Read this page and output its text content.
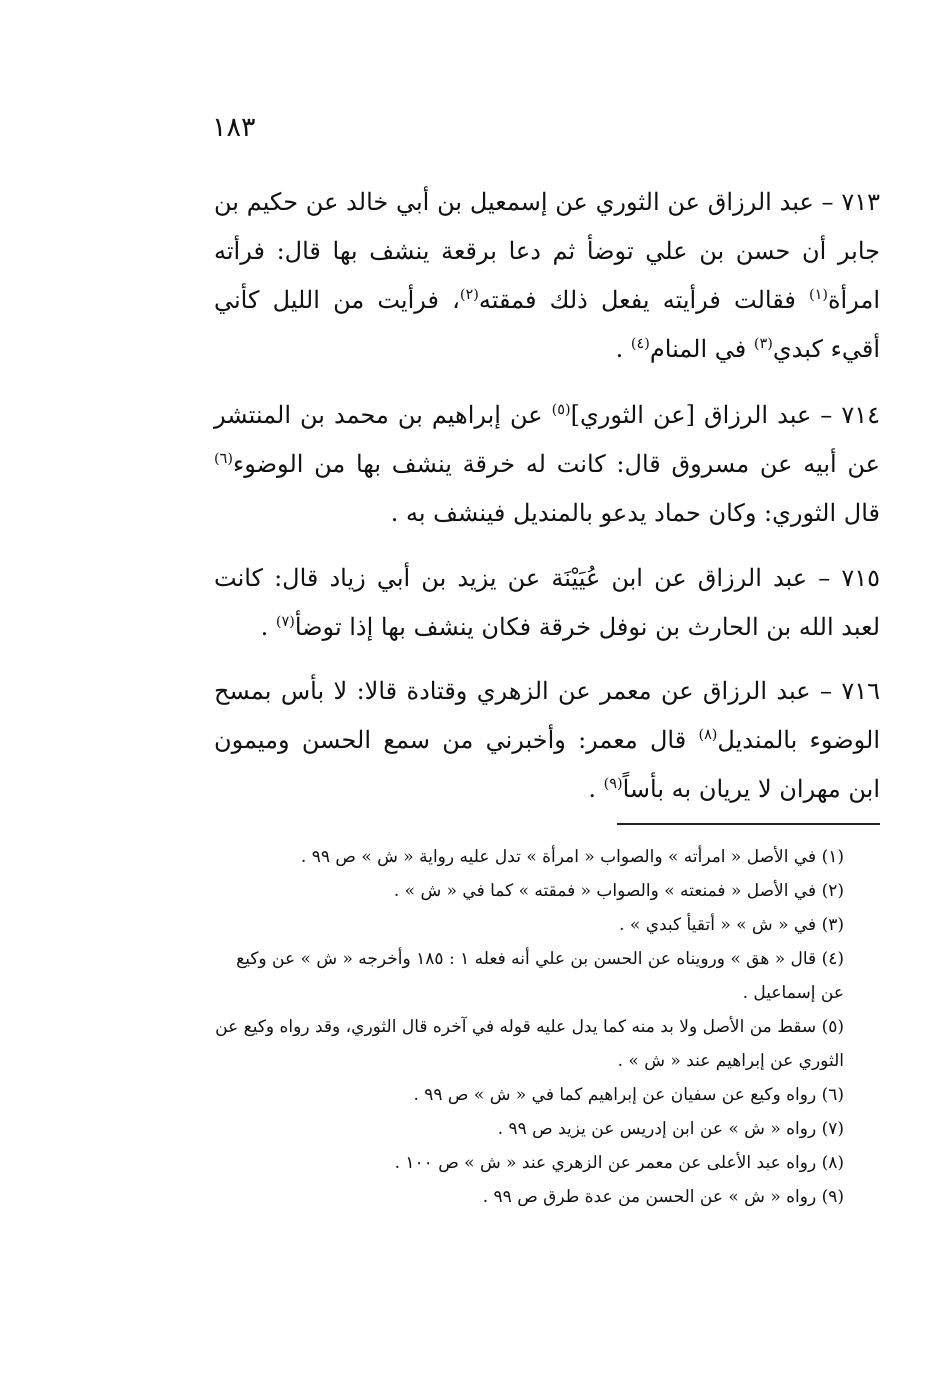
١٨٣

٧١٣ – عبد الرزاق عن الثوري عن إسمعيل بن أبي خالد عن حكيم بن جابر أن حسن بن علي توضأ ثم دعا برقعة ينشف بها قال: فرأته امرأة$^{(١)}$ فقالت فرأيته يفعل ذلك فمقته$^{(٢)}$، فرأيت من الليل كأني أقيء كبدي$^{(٣)}$ في المنام$^{(٤)}$ .

٧١٤ – عبد الرزاق [عن الثوري]$^{(٥)}$ عن إبراهيم بن محمد بن المنتشر عن أبيه عن مسروق قال: كانت له خرقة ينشف بها من الوضوء$^{(٦)}$ قال الثوري: وكان حماد يدعو بالمنديل فينشف به .

٧١٥ – عبد الرزاق عن ابن عُيَيْنَة عن يزيد بن أبي زياد قال: كانت لعبد الله بن الحارث بن نوفل خرقة فكان ينشف بها إذا توضأ$^{(٧)}$ .

٧١٦ – عبد الرزاق عن معمر عن الزهري وقتادة قالا: لا بأس بمسح الوضوء بالمنديل$^{(٨)}$ قال معمر: وأخبرني من سمع الحسن وميمون ابن مهران لا يريان به بأساً$^{(٩)}$ .

(١) في الأصل « امرأته » والصواب « امرأة » تدل عليه رواية « ش » ص ٩٩ .

(٢) في الأصل « فمنعته » والصواب « فمقته » كما في « ش » .

(٣) في « ش » « أتقيأ كبدي » .

(٤) قال « هق » ورويناه عن الحسن بن علي أنه فعله ١ : ١٨٥ وأخرجه « ش » عن وكيع عن إسماعيل .

(٥) سقط من الأصل ولا بد منه كما يدل عليه قوله في آخره قال الثوري، وقد رواه وكيع عن الثوري عن إبراهيم عند « ش » .

(٦) رواه وكيع عن سفيان عن إبراهيم كما في « ش » ص ٩٩ .

(٧) رواه « ش » عن ابن إدريس عن يزيد ص ٩٩ .

(٨) رواه عبد الأعلى عن معمر عن الزهري عند « ش » ص ١٠٠ .

(٩) رواه « ش » عن الحسن من عدة طرق ص ٩٩ .
